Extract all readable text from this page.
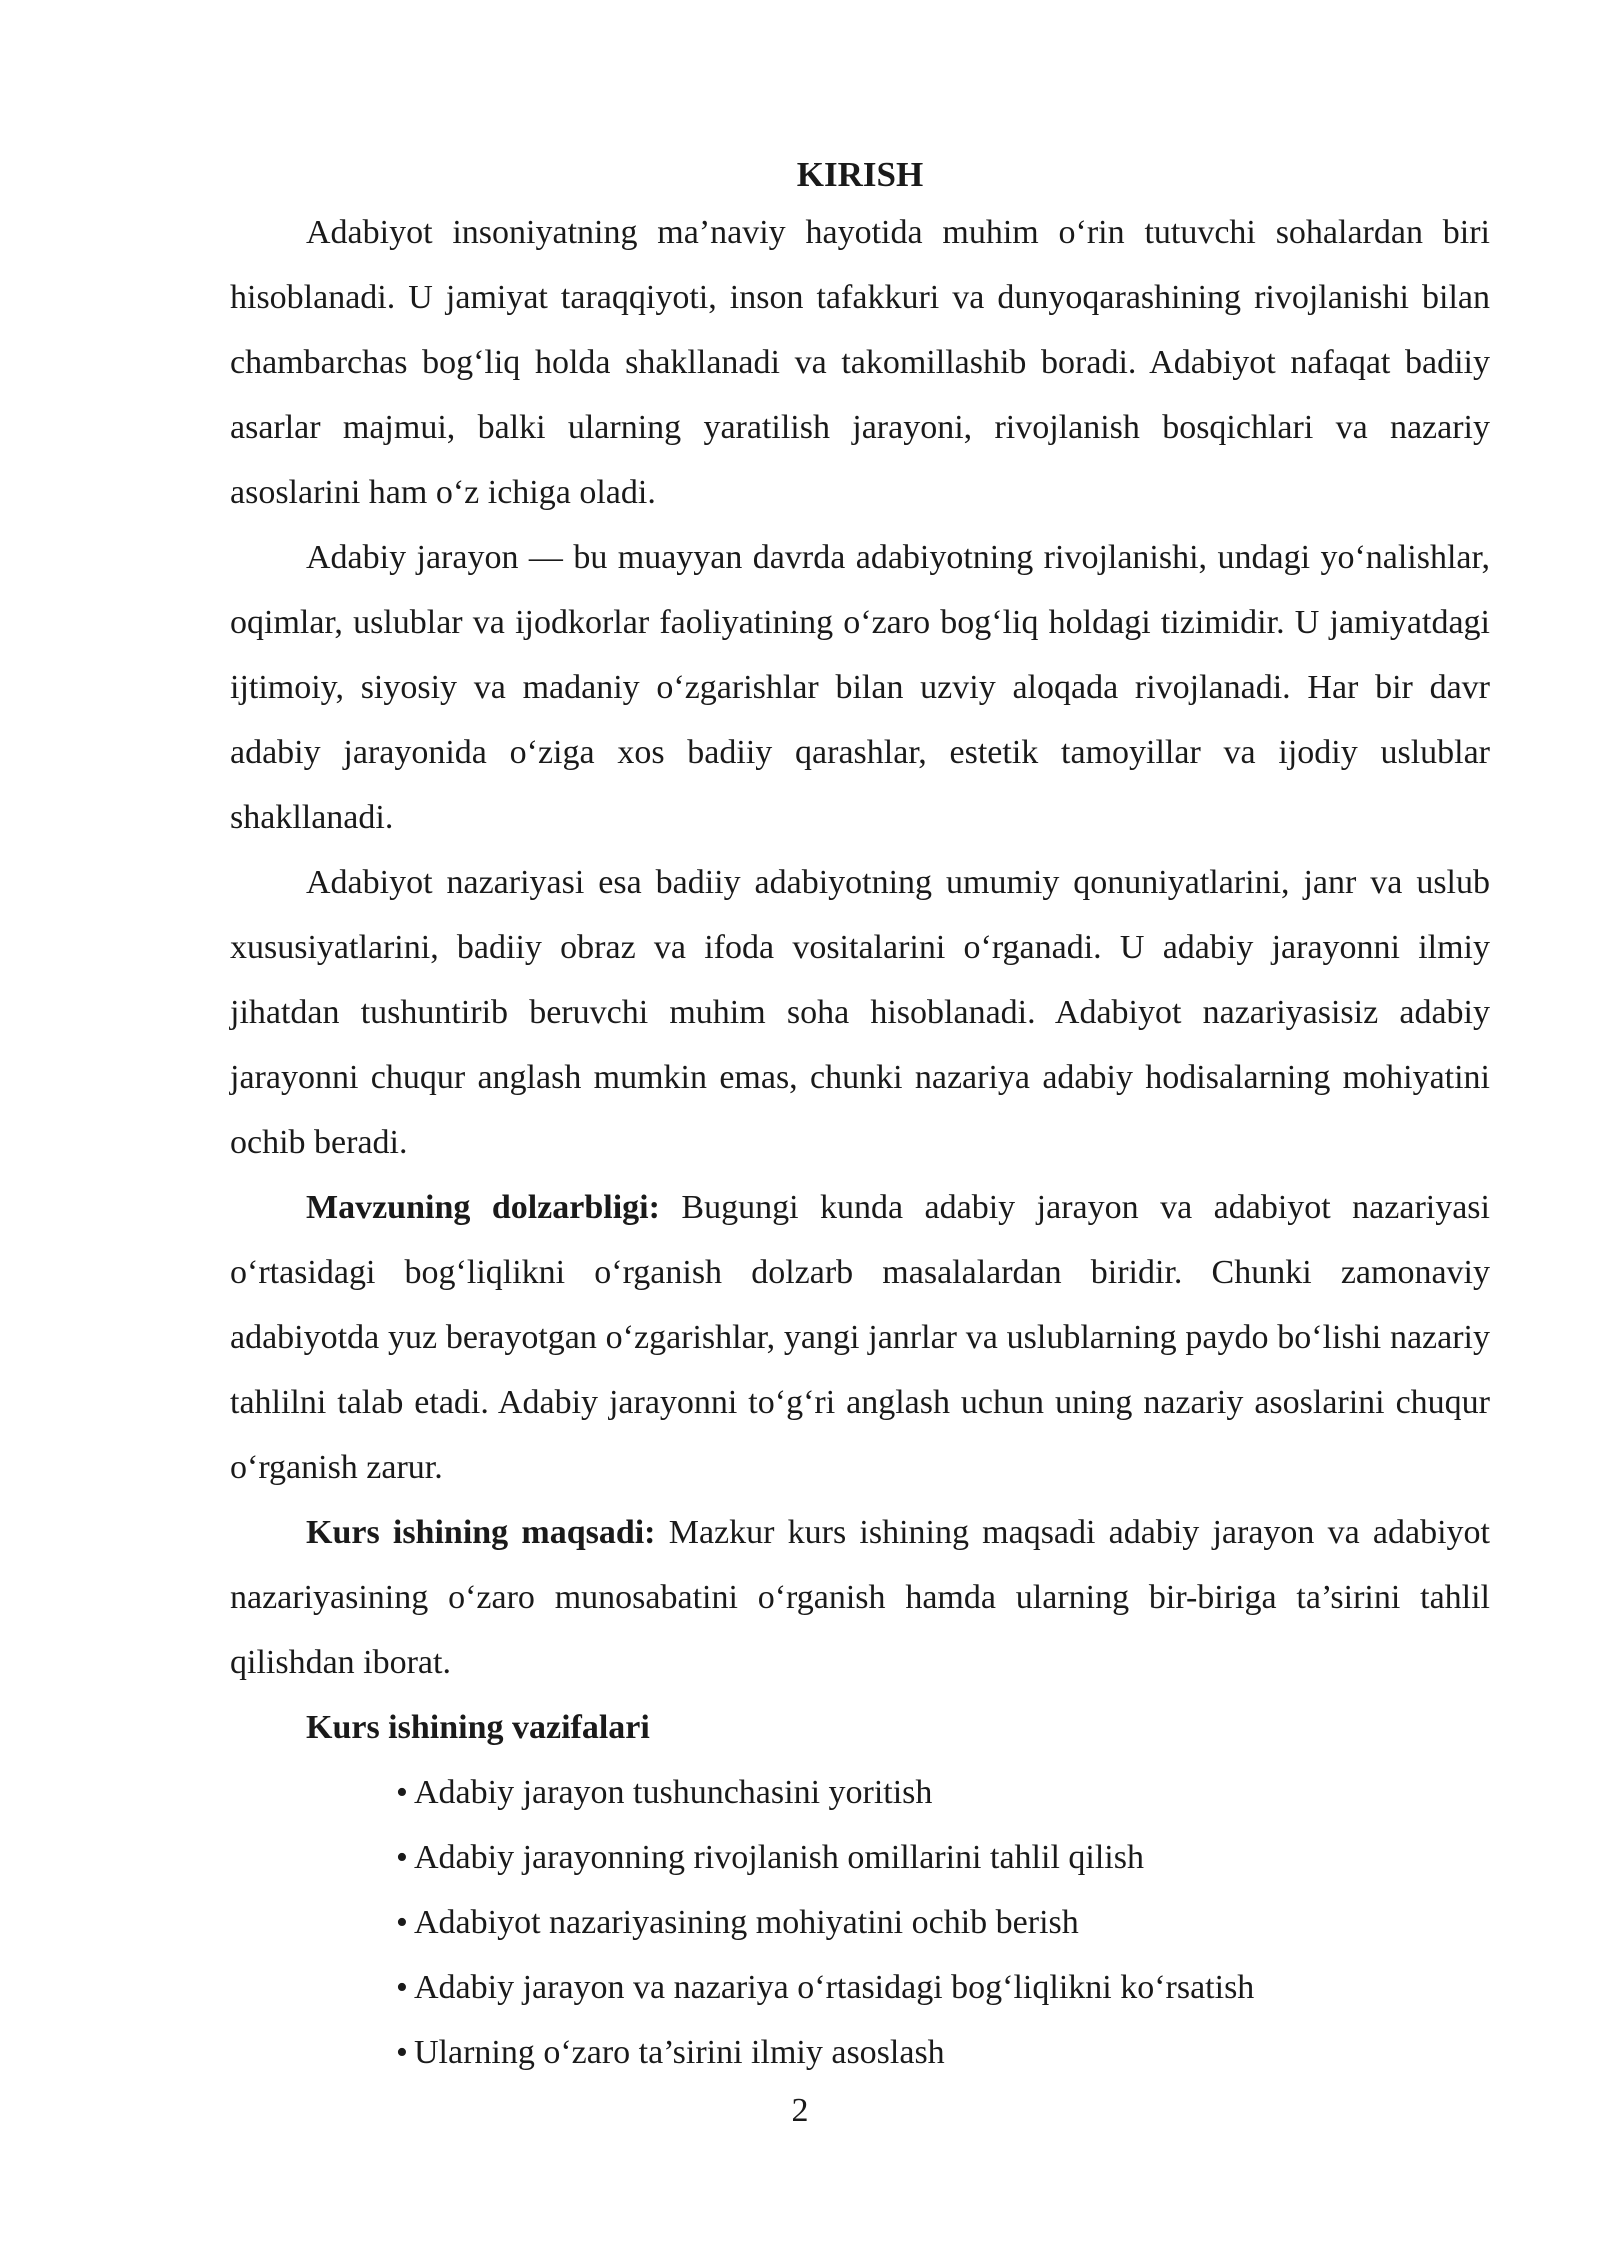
KIRISH

Adabiyot insoniyatning ma’naviy hayotida muhim o‘rin tutuvchi sohalardan biri hisoblanadi. U jamiyat taraqqiyoti, inson tafakkuri va dunyoqarashining rivojlanishi bilan chambarchas bog‘liq holda shakllanadi va takomillashib boradi. Adabiyot nafaqat badiiy asarlar majmui, balki ularning yaratilish jarayoni, rivojlanish bosqichlari va nazariy asoslarini ham o‘z ichiga oladi.

Adabiy jarayon — bu muayyan davrda adabiyotning rivojlanishi, undagi yo‘nalishlar, oqimlar, uslublar va ijodkorlar faoliyatining o‘zaro bog‘liq holdagi tizimidir. U jamiyatdagi ijtimoiy, siyosiy va madaniy o‘zgarishlar bilan uzviy aloqada rivojlanadi. Har bir davr adabiy jarayonida o‘ziga xos badiiy qarashlar, estetik tamoyillar va ijodiy uslublar shakllanadi.

Adabiyot nazariyasi esa badiiy adabiyotning umumiy qonuniyatlarini, janr va uslub xususiyatlarini, badiiy obraz va ifoda vositalarini o‘rganadi. U adabiy jarayonni ilmiy jihatdan tushuntirib beruvchi muhim soha hisoblanadi. Adabiyot nazariyasisiz adabiy jarayonni chuqur anglash mumkin emas, chunki nazariya adabiy hodisalarning mohiyatini ochib beradi.

Mavzuning dolzarbligi: Bugungi kunda adabiy jarayon va adabiyot nazariyasi o‘rtasidagi bog‘liqlikni o‘rganish dolzarb masalalardan biridir. Chunki zamonaviy adabiyotda yuz berayotgan o‘zgarishlar, yangi janrlar va uslublarning paydo bo‘lishi nazariy tahlilni talab etadi. Adabiy jarayonni to‘g‘ri anglash uchun uning nazariy asoslarini chuqur o‘rganish zarur.

Kurs ishining maqsadi: Mazkur kurs ishining maqsadi adabiy jarayon va adabiyot nazariyasining o‘zaro munosabatini o‘rganish hamda ularning bir-biriga ta’sirini tahlil qilishdan iborat.

Kurs ishining vazifalari

• Adabiy jarayon tushunchasini yoritish
• Adabiy jarayonning rivojlanish omillarini tahlil qilish
• Adabiyot nazariyasining mohiyatini ochib berish
• Adabiy jarayon va nazariya o‘rtasidagi bog‘liqlikni ko‘rsatish
• Ularning o‘zaro ta’sirini ilmiy asoslash
2
